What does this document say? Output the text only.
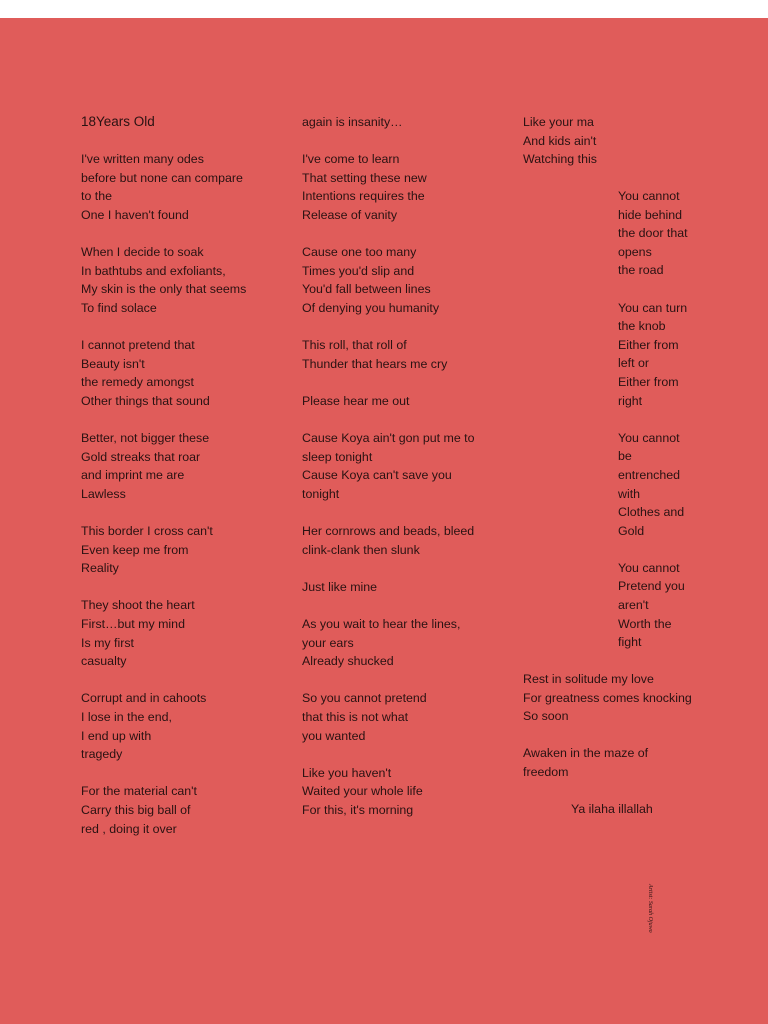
18Years Old
I've written many odes
before but none can compare
to the
One I haven't found
When I decide to soak
In bathtubs and exfoliants,
My skin is the only that seems
To find solace
I cannot pretend that
Beauty isn't
the remedy amongst
Other things that sound
Better, not bigger these
Gold streaks that roar
and imprint me are
Lawless
This border I cross can't
Even keep me from
Reality
They shoot the heart
First…but my mind
Is my first
casualty
Corrupt and in cahoots
I lose in the end,
I end up with
tragedy
For the material can't
Carry this big ball of
red , doing it over
again is insanity…
I've come to learn
That setting these new
Intentions requires the
Release of vanity
Cause one too many
Times you'd slip and
You'd fall between lines
Of denying you humanity
This roll, that roll of
Thunder that hears me cry
Please hear me out
Cause Koya ain't gon put me to
sleep tonight
Cause Koya can't save you
tonight
Her cornrows and beads, bleed
clink-clank then slunk
Just like mine
As you wait to hear the lines,
your ears
Already shucked
So you cannot pretend
that this is not what
you wanted
Like you haven't
Waited your whole life
For this, it's morning
Like your ma
And kids ain't
Watching this
You cannot
hide behind
the door that
opens
the road
You can turn
the knob
Either from
left or
Either from
right
You cannot
be
entrenched
with
Clothes and
Gold
You cannot
Pretend you
aren't
Worth the
fight
Rest in solitude my love
For greatness comes knocking
So soon
Awaken in the maze of
freedom
Ya ilaha illallah
Artist: Sarah Ojuwo
